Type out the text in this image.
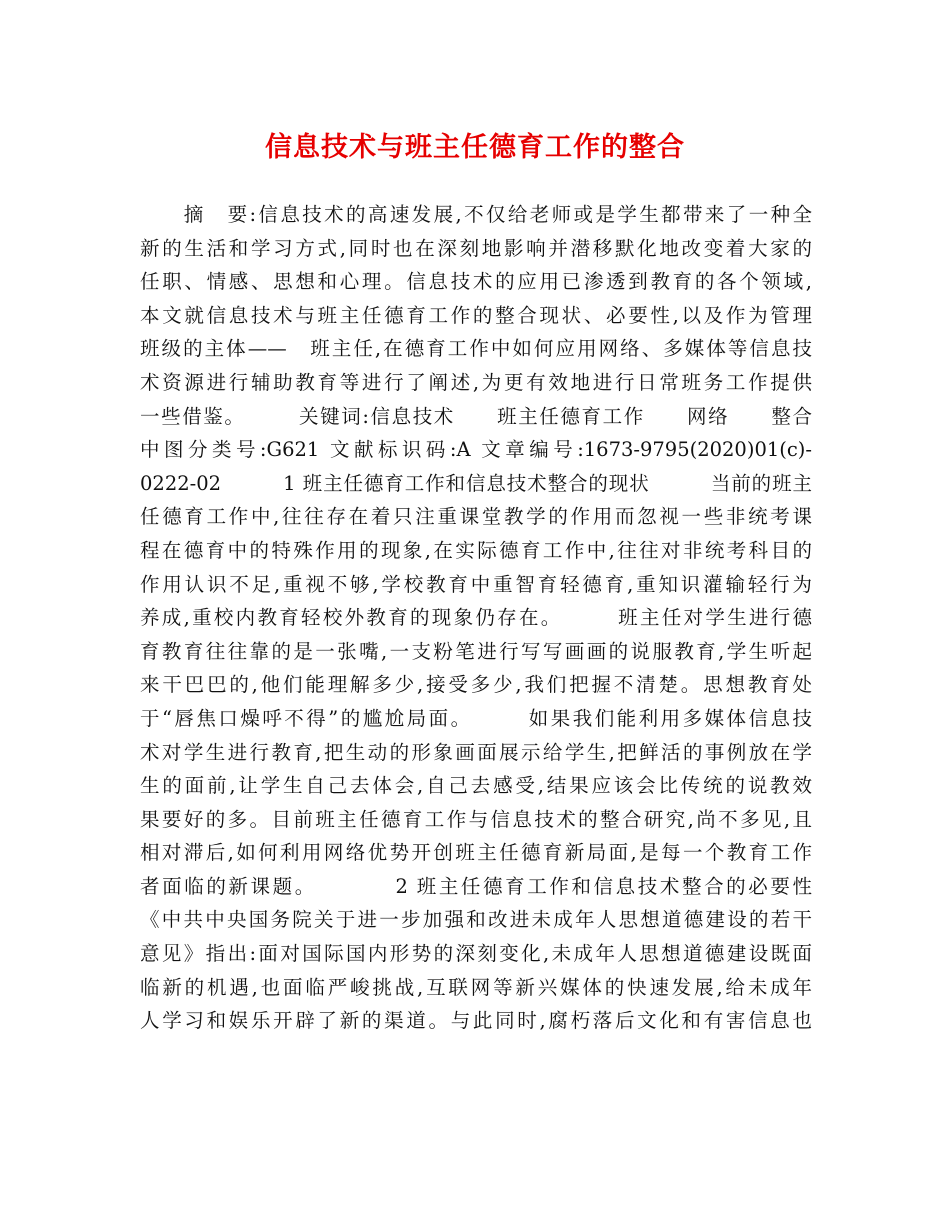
信息技术与班主任德育工作的整合
　　摘　要:信息技术的高速发展,不仅给老师或是学生都带来了一种全
新的生活和学习方式,同时也在深刻地影响并潜移默化地改变着大家的
任职、情感、思想和心理。信息技术的应用已渗透到教育的各个领域,
本文就信息技术与班主任德育工作的整合现状、必要性,以及作为管理
班级的主体——　班主任,在德育工作中如何应用网络、多媒体等信息技
术资源进行辅助教育等进行了阐述,为更有效地进行日常班务工作提供
一些借鉴。　　　关键词:信息技术　　班主任德育工作　　网络　　整合
中图分类号:G621 文献标识码:A 文章编号:1673-9795(2020)01(c)-
0222-02　　　1 班主任德育工作和信息技术整合的现状　　　当前的班主
任德育工作中,往往存在着只注重课堂教学的作用而忽视一些非统考课
程在德育中的特殊作用的现象,在实际德育工作中,往往对非统考科目的
作用认识不足,重视不够,学校教育中重智育轻德育,重知识灌输轻行为
养成,重校内教育轻校外教育的现象仍存在。　　　班主任对学生进行德
育教育往往靠的是一张嘴,一支粉笔进行写写画画的说服教育,学生听起
来干巴巴的,他们能理解多少,接受多少,我们把握不清楚。思想教育处
于“唇焦口燥呼不得”的尴尬局面。　　　如果我们能利用多媒体信息技
术对学生进行教育,把生动的形象画面展示给学生,把鲜活的事例放在学
生的面前,让学生自己去体会,自己去感受,结果应该会比传统的说教效
果要好的多。目前班主任德育工作与信息技术的整合研究,尚不多见,且
相对滞后,如何利用网络优势开创班主任德育新局面,是每一个教育工作
者面临的新课题。　　　　2 班主任德育工作和信息技术整合的必要性
《中共中央国务院关于进一步加强和改进未成年人思想道德建设的若干
意见》指出:面对国际国内形势的深刻变化,未成年人思想道德建设既面
临新的机遇,也面临严峻挑战,互联网等新兴媒体的快速发展,给未成年
人学习和娱乐开辟了新的渠道。与此同时,腐朽落后文化和有害信息也
